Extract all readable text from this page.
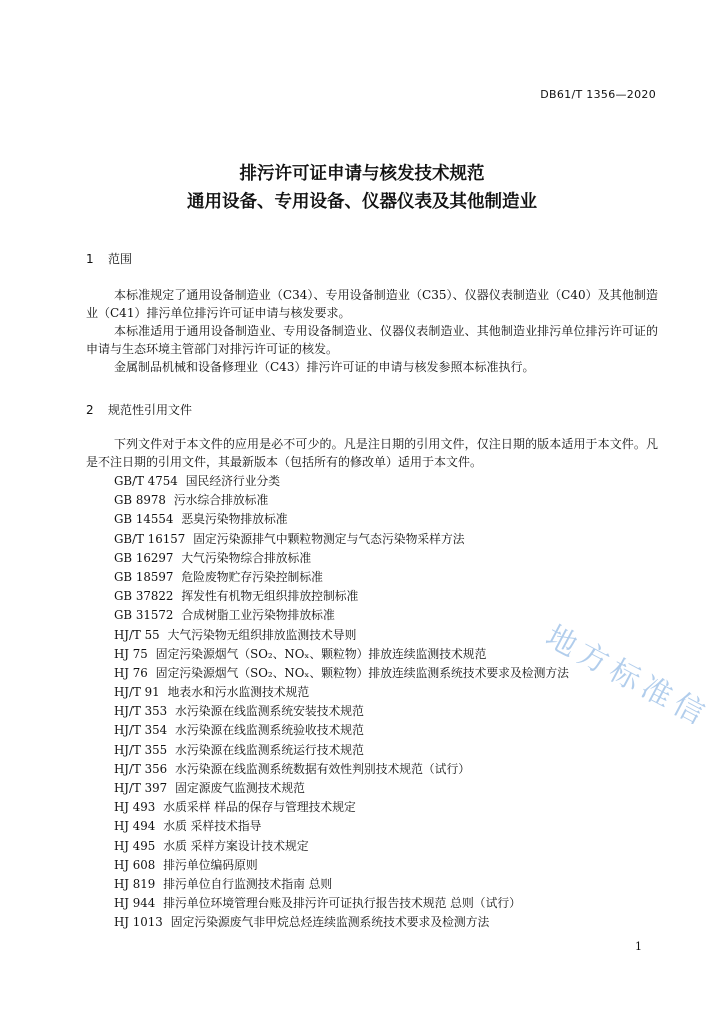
DB61/T 1356—2020
排污许可证申请与核发技术规范
通用设备、专用设备、仪器仪表及其他制造业
1 范围
本标准规定了通用设备制造业（C34）、专用设备制造业（C35）、仪器仪表制造业（C40）及其他制造业（C41）排污单位排污许可证申请与核发要求。
本标准适用于通用设备制造业、专用设备制造业、仪器仪表制造业、其他制造业排污单位排污许可证的申请与生态环境主管部门对排污许可证的核发。
金属制品机械和设备修理业（C43）排污许可证的申请与核发参照本标准执行。
2 规范性引用文件
下列文件对于本文件的应用是必不可少的。凡是注日期的引用文件，仅注日期的版本适用于本文件。凡是不注日期的引用文件，其最新版本（包括所有的修改单）适用于本文件。
GB/T 4754 国民经济行业分类
GB 8978 污水综合排放标准
GB 14554 恶臭污染物排放标准
GB/T 16157 固定污染源排气中颗粒物测定与气态污染物采样方法
GB 16297 大气污染物综合排放标准
GB 18597 危险废物贮存污染控制标准
GB 37822 挥发性有机物无组织排放控制标准
GB 31572 合成树脂工业污染物排放标准
HJ/T 55 大气污染物无组织排放监测技术导则
HJ 75 固定污染源烟气（SO₂、NOₓ、颗粒物）排放连续监测技术规范
HJ 76 固定污染源烟气（SO₂、NOₓ、颗粒物）排放连续监测系统技术要求及检测方法
HJ/T 91 地表水和污水监测技术规范
HJ/T 353 水污染源在线监测系统安装技术规范
HJ/T 354 水污染源在线监测系统验收技术规范
HJ/T 355 水污染源在线监测系统运行技术规范
HJ/T 356 水污染源在线监测系统数据有效性判别技术规范（试行）
HJ/T 397 固定源废气监测技术规范
HJ 493 水质采样 样品的保存与管理技术规定
HJ 494 水质 采样技术指导
HJ 495 水质 采样方案设计技术规定
HJ 608 排污单位编码原则
HJ 819 排污单位自行监测技术指南 总则
HJ 944 排污单位环境管理台账及排污许可证执行报告技术规范 总则（试行）
HJ 1013 固定污染源废气非甲烷总烃连续监测系统技术要求及检测方法
地方标准信
1
